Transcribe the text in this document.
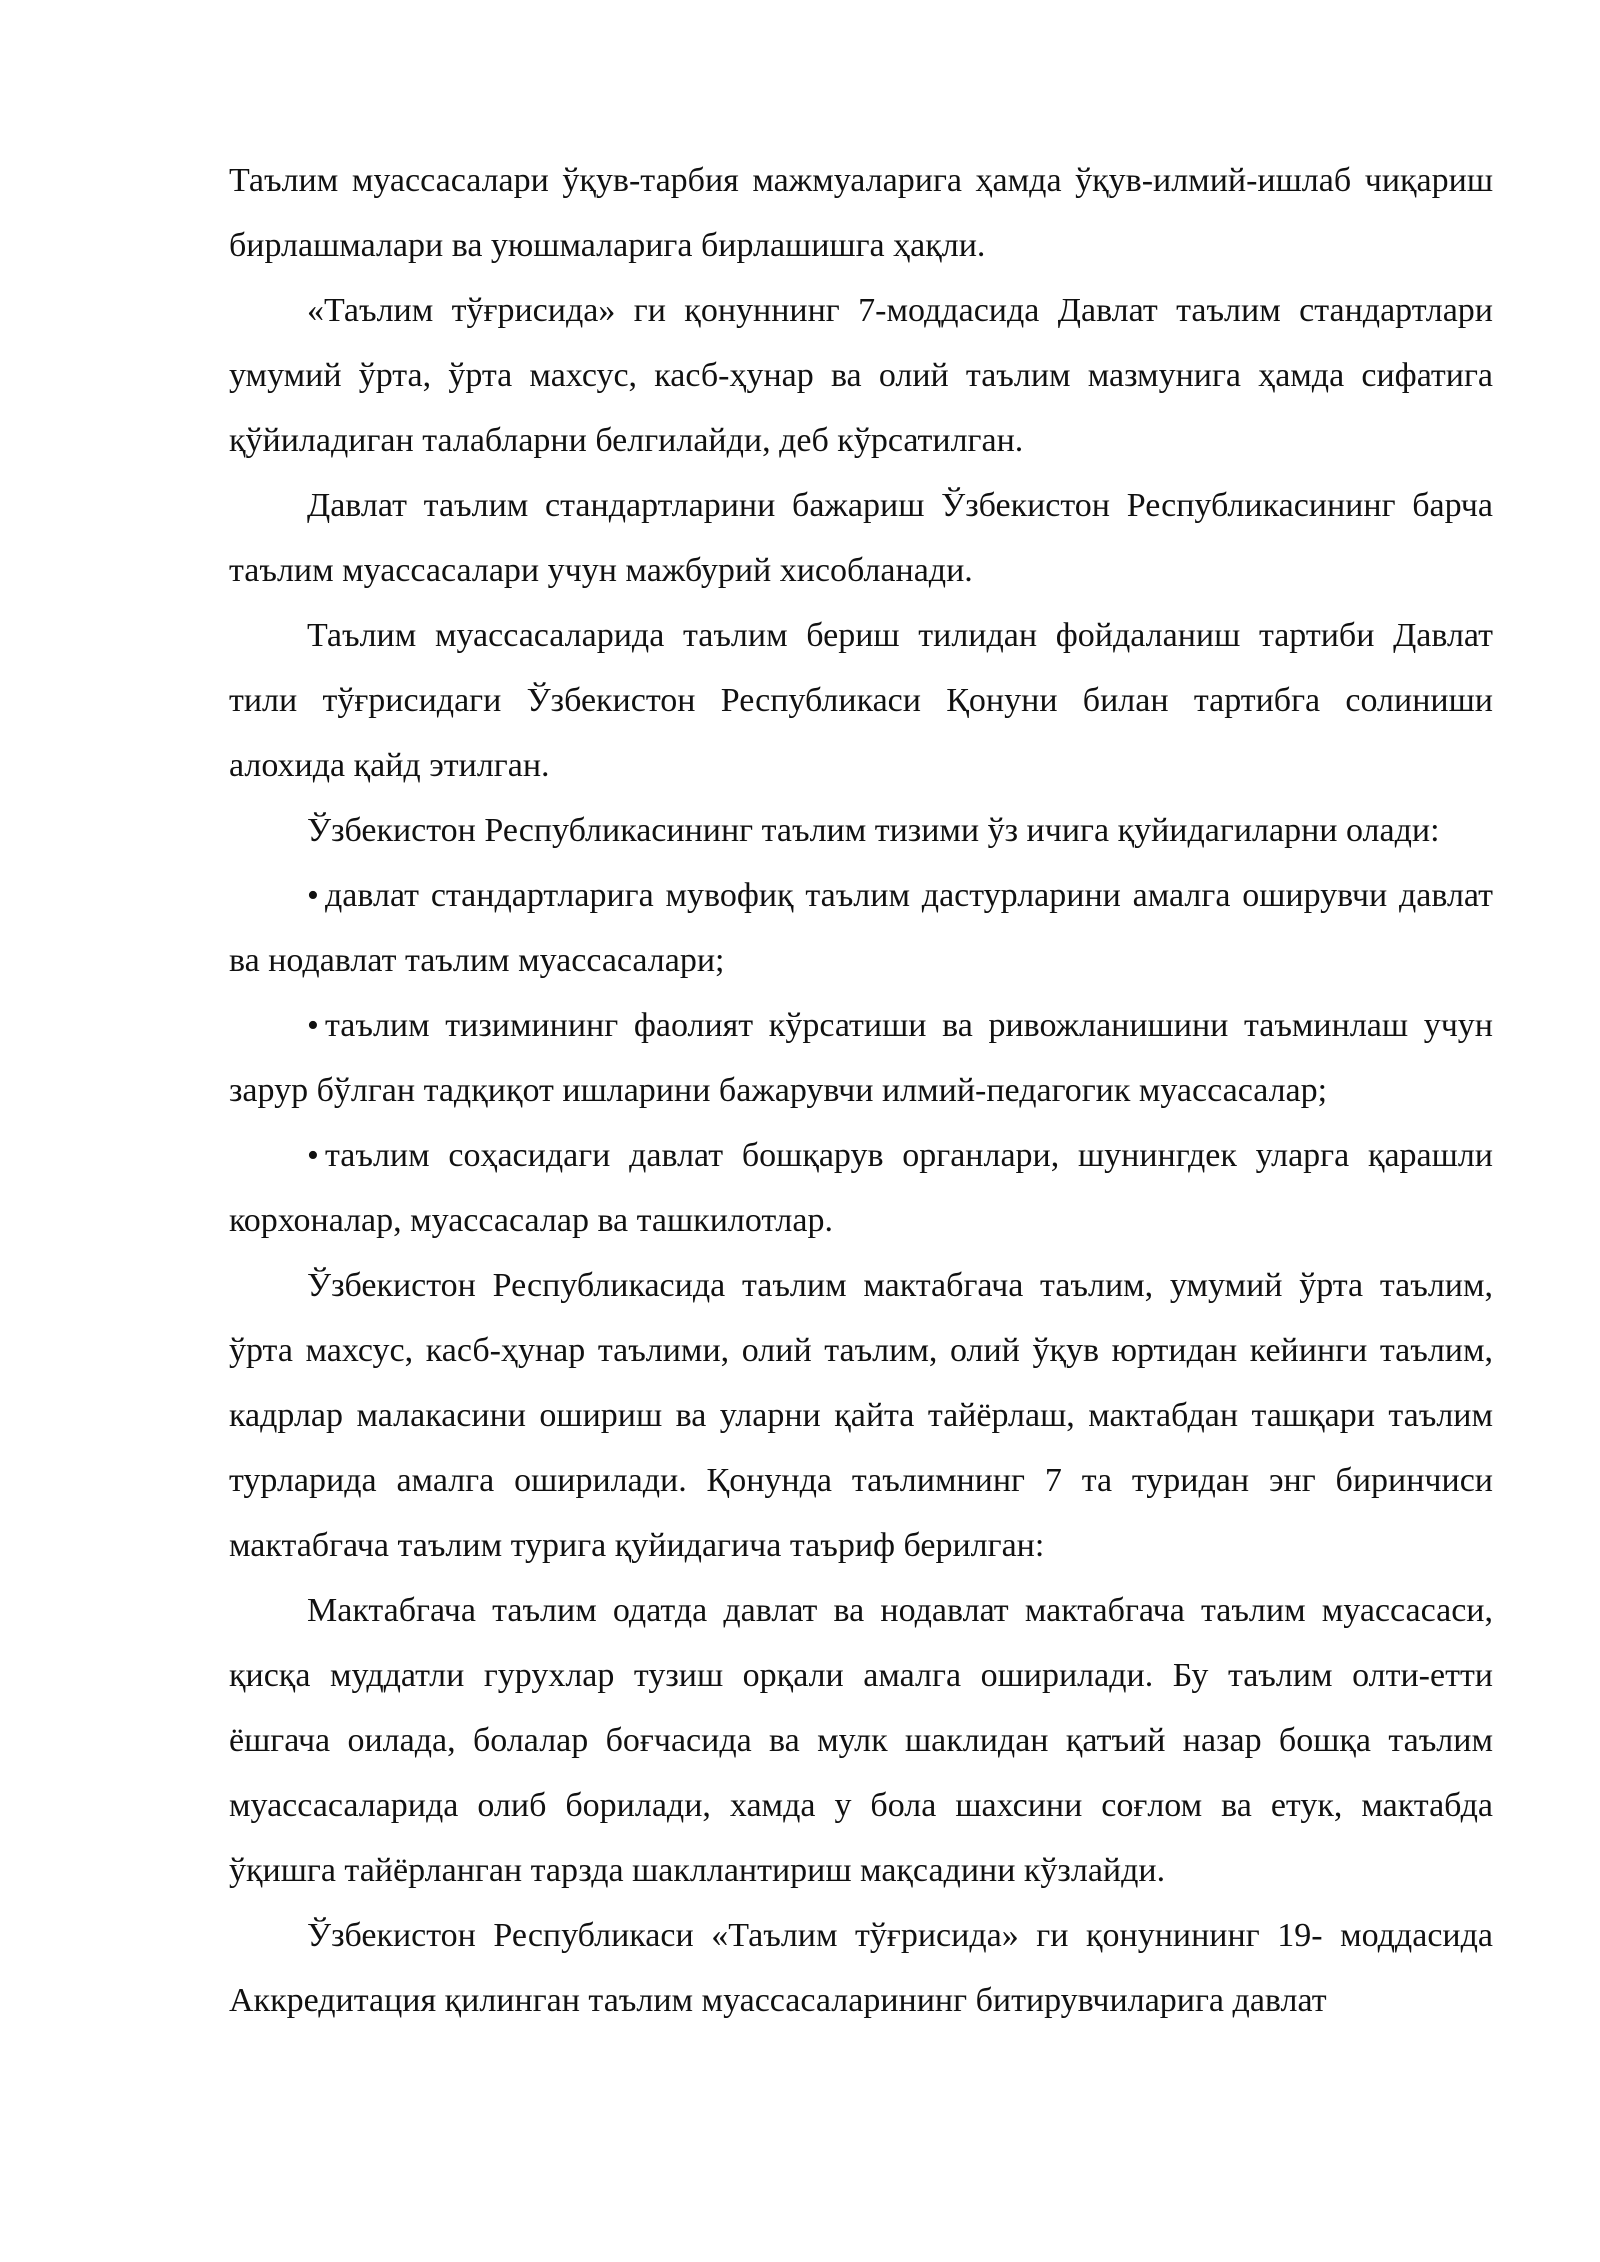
Таълим муассасалари ўқув-тарбия мажмуаларига ҳамда ўқув-илмий-ишлаб чиқариш бирлашмалари ва уюшмаларига бирлашишга ҳақли.

«Таълим тўғрисида» ги қонуннинг 7-моддасида Давлат таълим стандартлари умумий ўрта, ўрта махсус, касб-ҳунар ва олий таълим мазмунига ҳамда сифатига қўйиладиган талабларни белгилайди, деб кўрсатилган.

Давлат таълим стандартларини бажариш Ўзбекистон Республикасининг барча таълим муассасалари учун мажбурий хисобланади.

Таълим муассасаларида таълим бериш тилидан фойдаланиш тартиби Давлат тили тўғрисидаги Ўзбекистон Республикаси Қонуни билан тартибга солиниши алохида қайд этилган.

Ўзбекистон Республикасининг таълим тизими ўз ичига қуйидагиларни олади:

• давлат стандартларига мувофиқ таълим дастурларини амалга оширувчи давлат ва нодавлат таълим муассасалари;

• таълим тизимининг фаолият кўрсатиши ва ривожланишини таъминлаш учун зарур бўлган тадқиқот ишларини бажарувчи илмий-педагогик муассасалар;

• таълим соҳасидаги давлат бошқарув органлари, шунингдек уларга қарашли корхоналар, муассасалар ва ташкилотлар.

Ўзбекистон Республикасида таълим мактабгача таълим, умумий ўрта таълим, ўрта махсус, касб-ҳунар таълими, олий таълим, олий ўқув юртидан кейинги таълим, кадрлар малакасини ошириш ва уларни қайта тайёрлаш, мактабдан ташқари таълим турларида амалга оширилади. Қонунда таълимнинг 7 та туридан энг биринчиси мактабгача таълим турига қуйидагича таъриф берилган:

Мактабгача таълим одатда давлат ва нодавлат мактабгача таълим муассасаси, қисқа муддатли гурухлар тузиш орқали амалга оширилади. Бу таълим олти-етти ёшгача оилада, болалар боғчасида ва мулк шаклидан қатъий назар бошқа таълим муассасаларида олиб борилади, хамда у бола шахсини соғлом ва етук, мактабда ўқишга тайёрланган тарзда шакллантириш мақсадини кўзлайди.

Ўзбекистон Республикаси «Таълим тўғрисида» ги қонунининг 19- моддасида Аккредитация қилинган таълим муассасаларининг битирувчиларига давлат
